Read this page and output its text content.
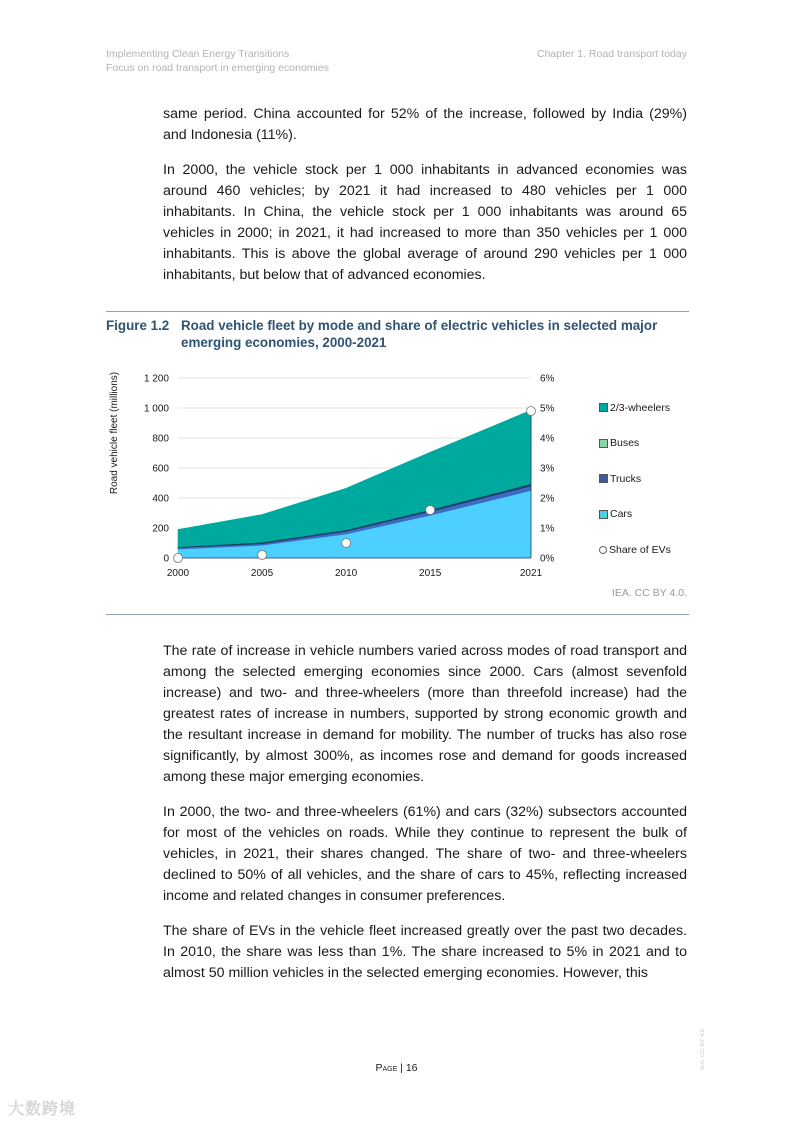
Implementing Clean Energy Transitions
Focus on road transport in emerging economies
Chapter 1. Road transport today

same period. China accounted for 52% of the increase, followed by India (29%) and Indonesia (11%).

In 2000, the vehicle stock per 1 000 inhabitants in advanced economies was around 460 vehicles; by 2021 it had increased to 480 vehicles per 1 000 inhabitants. In China, the vehicle stock per 1 000 inhabitants was around 65 vehicles in 2000; in 2021, it had increased to more than 350 vehicles per 1 000 inhabitants. This is above the global average of around 290 vehicles per 1 000 inhabitants, but below that of advanced economies.

Figure 1.2 Road vehicle fleet by mode and share of electric vehicles in selected major emerging economies, 2000-2021
0
200
400
600
800
1 000
1 200
0%
1%
2%
3%
4%
5%
6%
2000	2005	2010	2015	2021
Road vehicle fleet (millions)	2/3-wheelers
Buses
Trucks
Cars
Share of EVs
IEA. CC BY 4.0.

The rate of increase in vehicle numbers varied across modes of road transport and among the selected emerging economies since 2000. Cars (almost sevenfold increase) and two- and three-wheelers (more than threefold increase) had the greatest rates of increase in numbers, supported by strong economic growth and the resultant increase in demand for mobility. The number of trucks has also rose significantly, by almost 300%, as incomes rose and demand for goods increased among these major emerging economies.

In 2000, the two- and three-wheelers (61%) and cars (32%) subsectors accounted for most of the vehicles on roads. While they continue to represent the bulk of vehicles, in 2021, their shares changed. The share of two- and three-wheelers declined to 50% of all vehicles, and the share of cars to 45%, reflecting increased income and related changes in consumer preferences.

The share of EVs in the vehicle fleet increased greatly over the past two decades. In 2010, the share was less than 1%. The share increased to 5% in 2021 and to almost 50 million vehicles in the selected emerging economies. However, this

Page | 16	IEA. CC BY 4.0.
大数跨境
